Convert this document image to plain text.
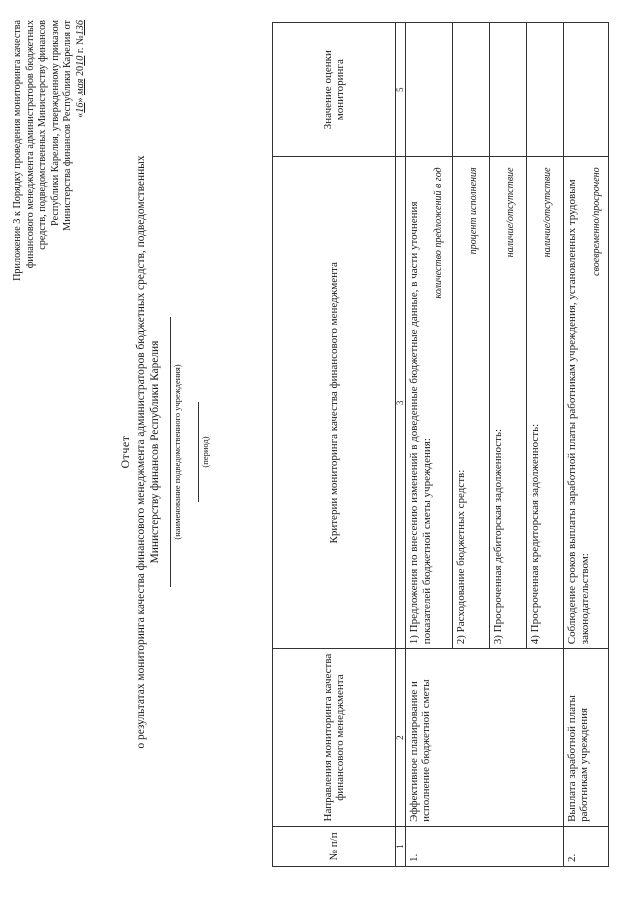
Приложение 3 к Порядку проведения мониторинга качества финансового менеджмента администраторов бюджетных средств, подведомственных Министерству финансов Республики Карелия, утвержденному приказом Министерства финансов Республики Карелия от «16» мая 2010 г. №136
Отчет о результатах мониторинга качества финансового менеджмента администраторов бюджетных средств, подведомственных Министерству финансов Республики Карелия (наименование подведомственного учреждения) (период)
№ п/п	Направления мониторинга качества финансового менеджмента	Критерии мониторинга качества финансового менеджмента	Значение оценки мониторинга
1	2	3	5
1.	Эффективное планирование и исполнение бюджетной сметы	1) Предложения по внесению изменений в доведенные бюджетные данные, в части уточнения показателей бюджетной сметы учреждения:
количество предложений в год	

		2) Расходование бюджетных средств:
процент исполнения	

		3) Просроченная дебиторская задолженность:
наличие/отсутствие	

		4) Просроченная кредиторская задолженность:
наличие/отсутствие	

2.	Выплата заработной платы работникам учреждения	Соблюдение сроков выплаты заработной платы работникам учреждения, установленных трудовым законодательством:
своевременно/просрочено	
